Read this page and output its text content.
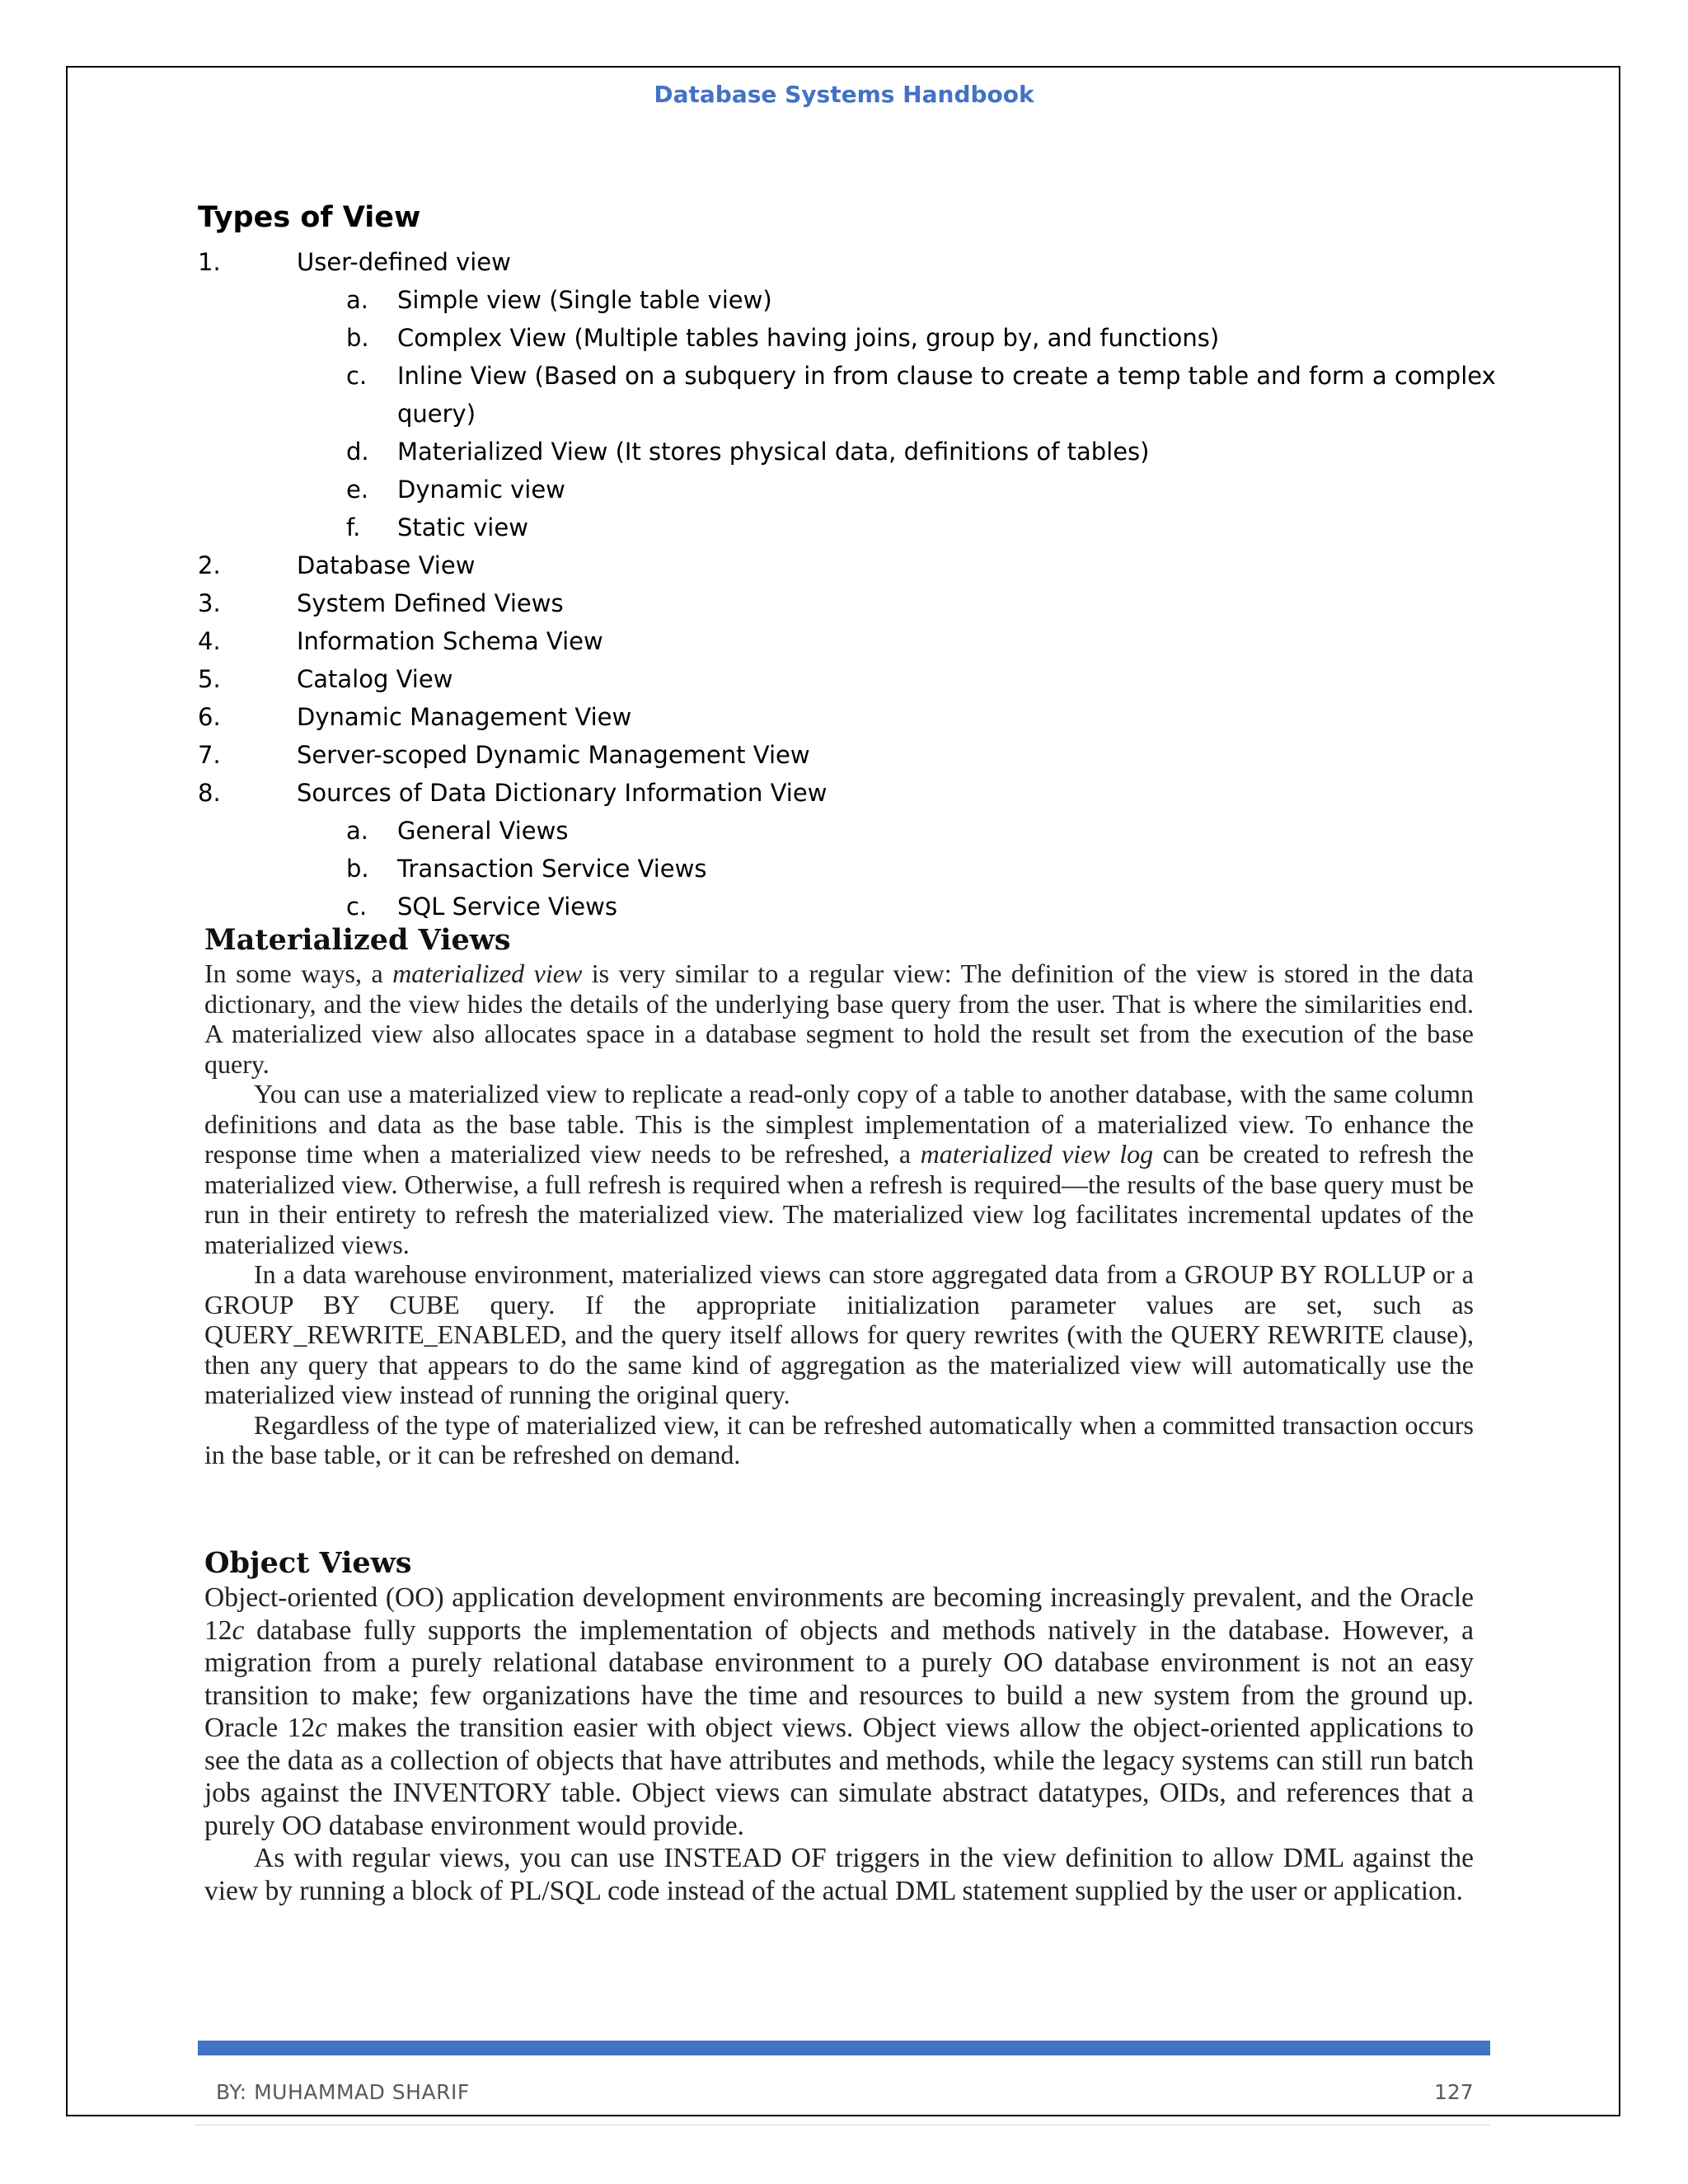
Database Systems Handbook
Types of View
1.	User-defined view
a. Simple view (Single table view)
b. Complex View (Multiple tables having joins, group by, and functions)
c. Inline View (Based on a subquery in from clause to create a temp table and form a complex
query)
d. Materialized View (It stores physical data, definitions of tables)
e. Dynamic view
f. Static view
2.	Database View
3.	System Defined Views
4.	Information Schema View
5.	Catalog View
6.	Dynamic Management View
7.	Server-scoped Dynamic Management View
8.	Sources of Data Dictionary Information View
a. General Views
b. Transaction Service Views
c. SQL Service Views
Materialized Views

In some ways, a materialized view is very similar to a regular view: The definition of the view is stored in the data dictionary, and the view hides the details of the underlying base query from the user. That is where the similarities end. A materialized view also allocates space in a database segment to hold the result set from the execution of the base query.

You can use a materialized view to replicate a read-only copy of a table to another database, with the same column definitions and data as the base table. This is the simplest implementation of a materialized view. To enhance the response time when a materialized view needs to be refreshed, a materialized view log can be created to refresh the materialized view. Otherwise, a full refresh is required when a refresh is required—the results of the base query must be run in their entirety to refresh the materialized view. The materialized view log facilitates incremental updates of the materialized views.

In a data warehouse environment, materialized views can store aggregated data from a GROUP BY ROLLUP or a GROUP BY CUBE query. If the appropriate initialization parameter values are set, such as QUERY_REWRITE_ENABLED, and the query itself allows for query rewrites (with the QUERY REWRITE clause), then any query that appears to do the same kind of aggregation as the materialized view will automatically use the materialized view instead of running the original query.

Regardless of the type of materialized view, it can be refreshed automatically when a committed transaction occurs in the base table, or it can be refreshed on demand.

Object Views

Object-oriented (OO) application development environments are becoming increasingly prevalent, and the Oracle 12c database fully supports the implementation of objects and methods natively in the database. However, a migration from a purely relational database environment to a purely OO database environment is not an easy transition to make; few organizations have the time and resources to build a new system from the ground up. Oracle 12c makes the transition easier with object views. Object views allow the object-oriented applications to see the data as a collection of objects that have attributes and methods, while the legacy systems can still run batch jobs against the INVENTORY table. Object views can simulate abstract datatypes, OIDs, and references that a purely OO database environment would provide.

As with regular views, you can use INSTEAD OF triggers in the view definition to allow DML against the view by running a block of PL/SQL code instead of the actual DML statement supplied by the user or application.

BY: MUHAMMAD SHARIF	127
